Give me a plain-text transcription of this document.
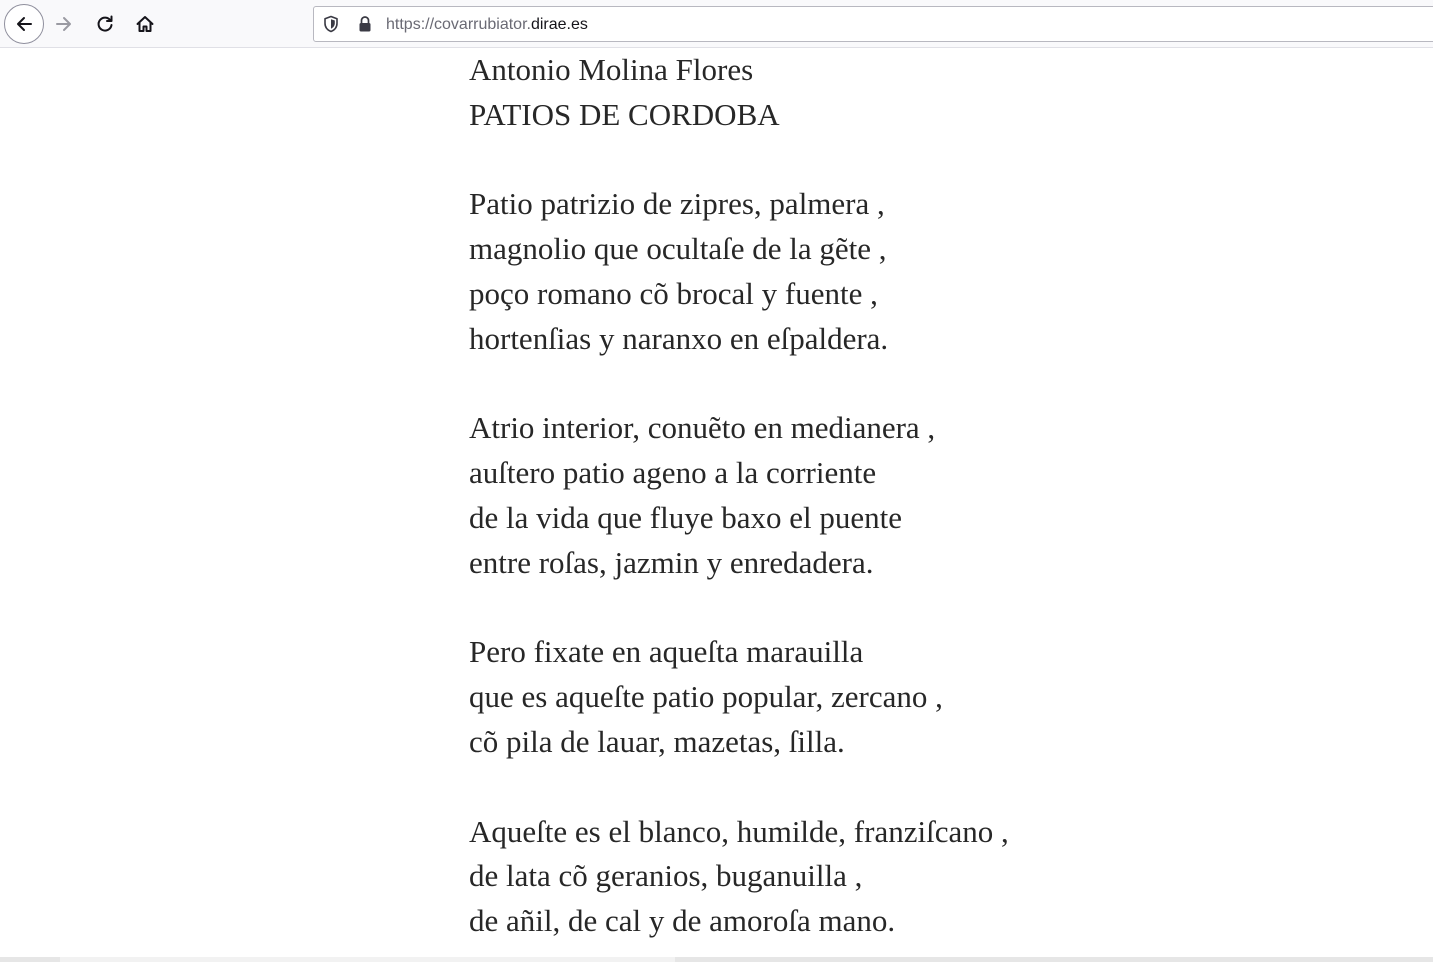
https://covarrubiator.dirae.es
Antonio Molina Flores
PATIOS DE CORDOBA
Patio patrizio de zipres, palmera ,
magnolio que ocultaſe de la gẽte ,
poço romano cõ brocal y fuente ,
hortenſias y naranxo en eſpaldera.
Atrio interior, conuẽto en medianera ,
auſtero patio ageno a la corriente
de la vida que fluye baxo el puente
entre roſas, jazmin y enredadera.
Pero fixate en aqueſta marauilla
que es aqueſte patio popular, zercano ,
cõ pila de lauar, mazetas, ſilla.
Aqueſte es el blanco, humilde, franziſcano ,
de lata cõ geranios, buganuilla ,
de añil, de cal y de amoroſa mano.
